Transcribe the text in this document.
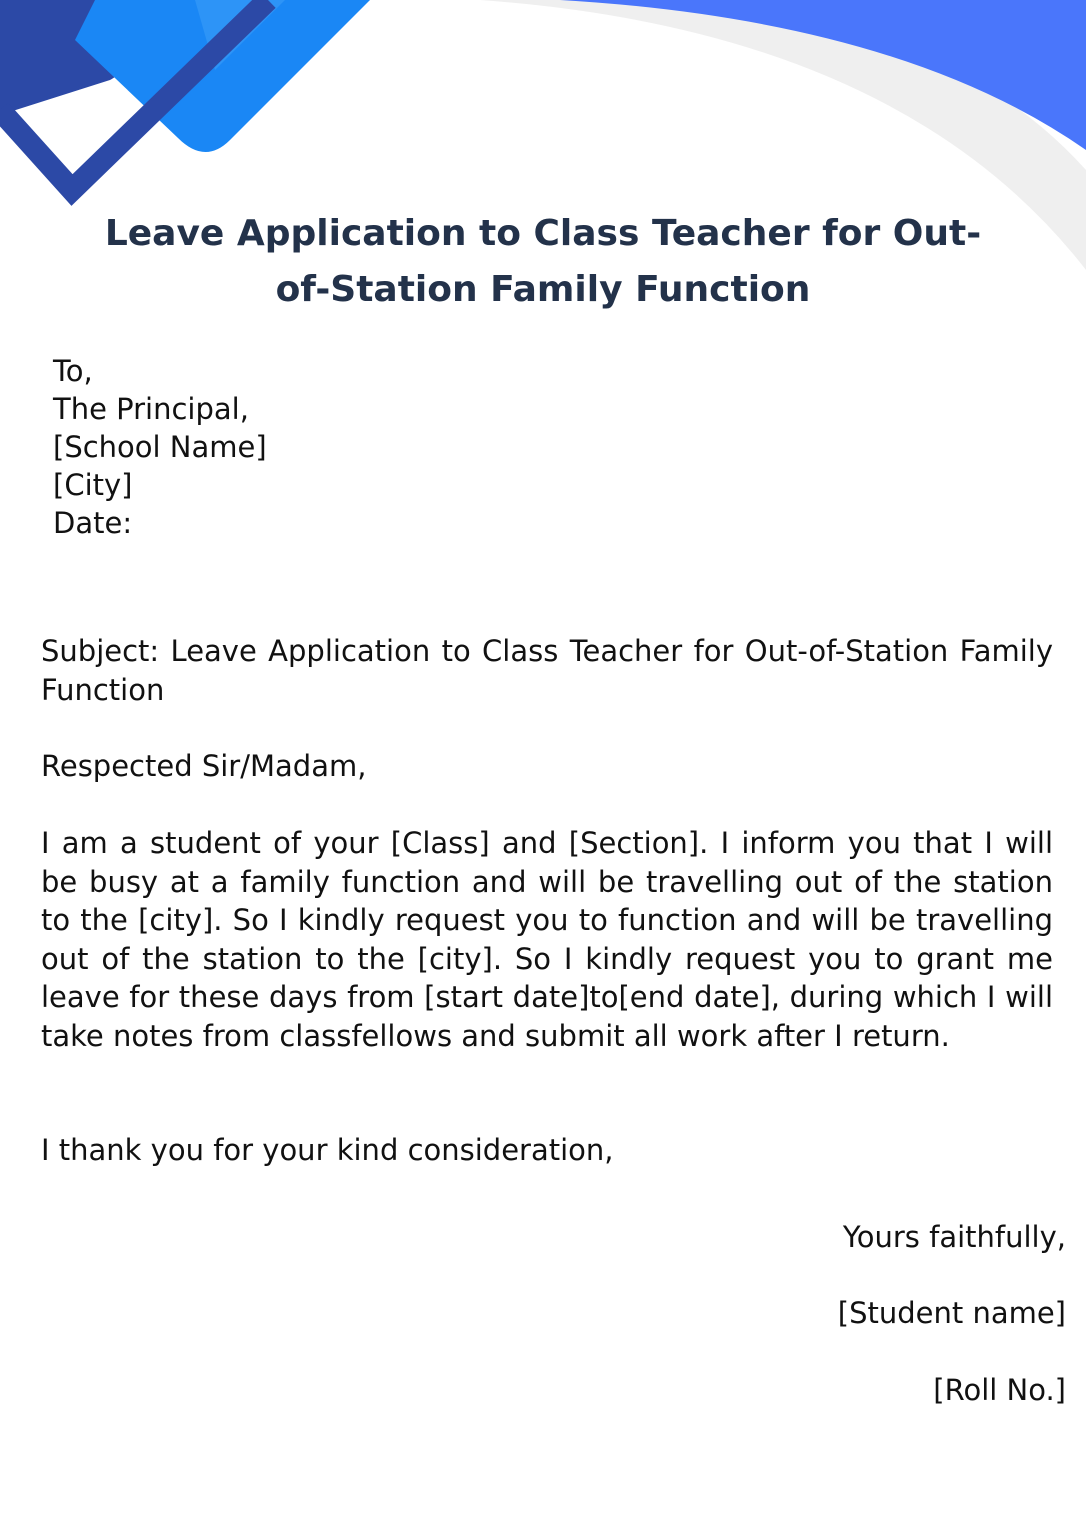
Leave Application to Class Teacher for Out-of-Station Family Function
To,
The Principal,
[School Name]
[City]
Date:

Subject: Leave Application to Class Teacher for Out-of-Station Family Function

Respected Sir/Madam,

I am a student of your [Class] and [Section]. I inform you that I will be busy at a family function and will be travelling out of the station to the [city]. So I kindly request you to function and will be travelling out of the station to the [city]. So I kindly request you to grant me leave for these days from [start date]to[end date], during which I will take notes from classfellows and submit all work after I return.

I thank you for your kind consideration,

Yours faithfully,

[Student name]

[Roll No.]
